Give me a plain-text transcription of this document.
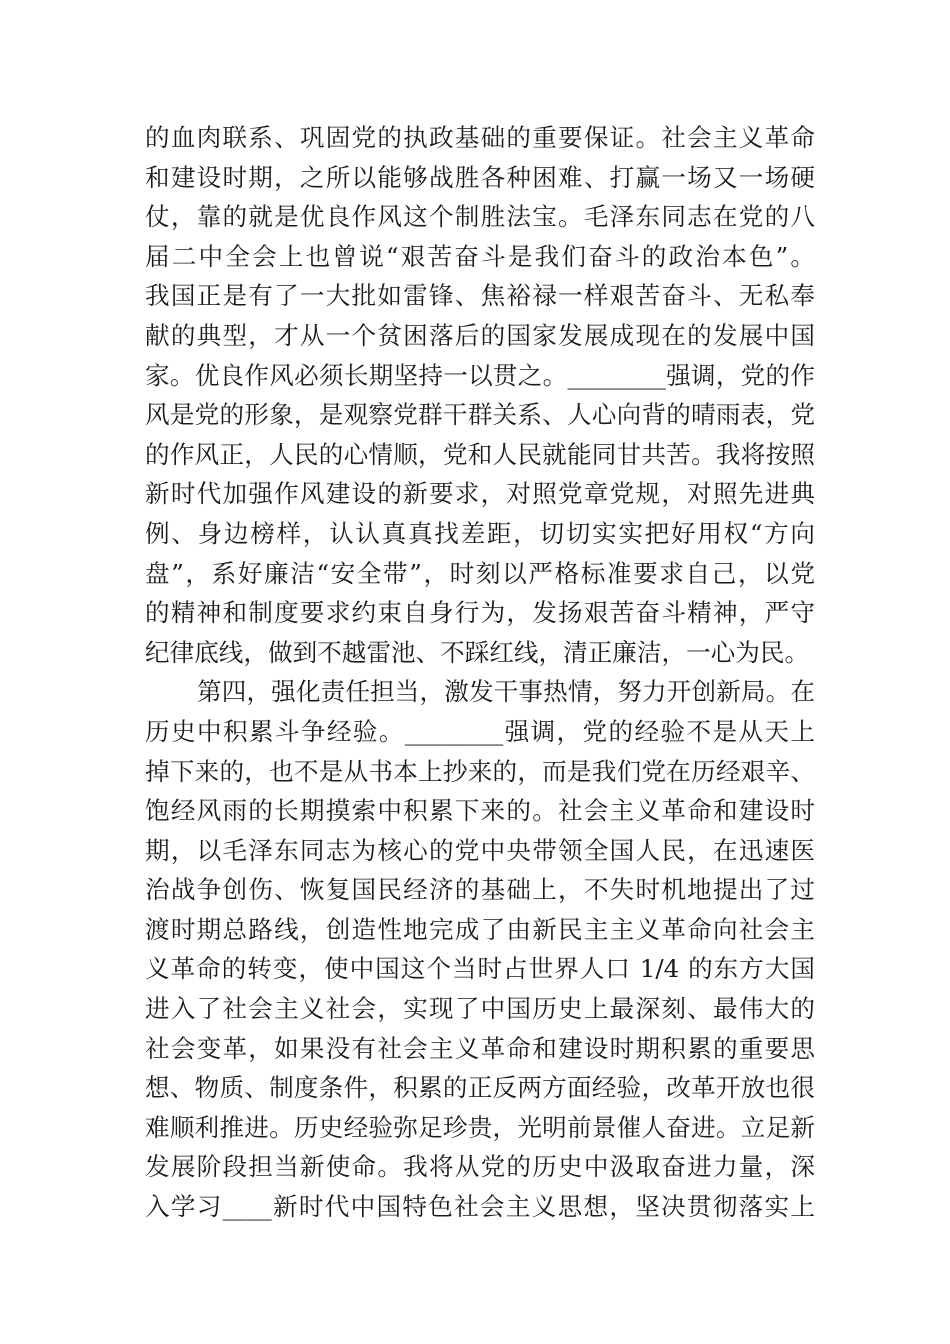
的血肉联系、巩固党的执政基础的重要保证。社会主义革命
和建设时期，之所以能够战胜各种困难、打赢一场又一场硬
仗，靠的就是优良作风这个制胜法宝。毛泽东同志在党的八
届二中全会上也曾说“艰苦奋斗是我们奋斗的政治本色”。
我国正是有了一大批如雷锋、焦裕禄一样艰苦奋斗、无私奉
献的典型，才从一个贫困落后的国家发展成现在的发展中国
家。优良作风必须长期坚持一以贯之。________强调，党的作
风是党的形象，是观察党群干群关系、人心向背的晴雨表，党
的作风正，人民的心情顺，党和人民就能同甘共苦。我将按照
新时代加强作风建设的新要求，对照党章党规，对照先进典
例、身边榜样，认认真真找差距，切切实实把好用权“方向
盘”，系好廉洁“安全带”，时刻以严格标准要求自己，以党
的精神和制度要求约束自身行为，发扬艰苦奋斗精神，严守
纪律底线，做到不越雷池、不踩红线，清正廉洁，一心为民。
第四，强化责任担当，激发干事热情，努力开创新局。在
历史中积累斗争经验。________强调，党的经验不是从天上
掉下来的，也不是从书本上抄来的，而是我们党在历经艰辛、
饱经风雨的长期摸索中积累下来的。社会主义革命和建设时
期，以毛泽东同志为核心的党中央带领全国人民，在迅速医
治战争创伤、恢复国民经济的基础上，不失时机地提出了过
渡时期总路线，创造性地完成了由新民主主义革命向社会主
义革命的转变，使中国这个当时占世界人口 1/4 的东方大国
进入了社会主义社会，实现了中国历史上最深刻、最伟大的
社会变革，如果没有社会主义革命和建设时期积累的重要思
想、物质、制度条件，积累的正反两方面经验，改革开放也很
难顺利推进。历史经验弥足珍贵，光明前景催人奋进。立足新
发展阶段担当新使命。我将从党的历史中汲取奋进力量，深
入学习____新时代中国特色社会主义思想，坚决贯彻落实上
